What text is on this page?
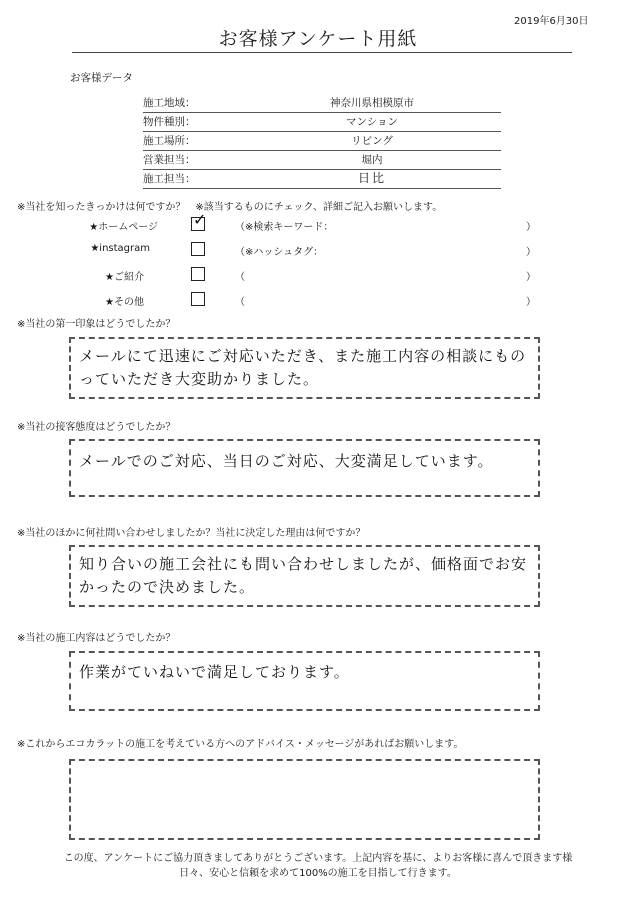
2019年6月30日
お客様アンケート用紙
お客様データ
施工地域：	神奈川県相模原市
物件種別：	マンション
施工場所：	リビング
営業担当：	堀内
施工担当：	日比
※当社を知ったきっかけは何ですか？　※該当するものにチェック、詳細ご記入お願いします。
★ホームページ ✓	（※検索キーワード：	）
★instagram	（※ハッシュタグ：	）
★ご紹介	（	）
★その他	（	）
※当社の第一印象はどうでしたか？
メールにて迅速にご対応いただき、また施工内容の相談にものっていただき大変助かりました。
※当社の接客態度はどうでしたか？
メールでのご対応、当日のご対応、大変満足しています。
※当社のほかに何社問い合わせしましたか？当社に決定した理由は何ですか？
知り合いの施工会社にも問い合わせしましたが、価格面でお安かったので決めました。
※当社の施工内容はどうでしたか？
作業がていねいで満足しております。
※これからエコカラットの施工を考えている方へのアドバイス・メッセージがあればお願いします。
この度、アンケートにご協力頂きましてありがとうございます。上記内容を基に、よりお客様に喜んで頂きます様
日々、安心と信頼を求めて100%の施工を目指して行きます。
